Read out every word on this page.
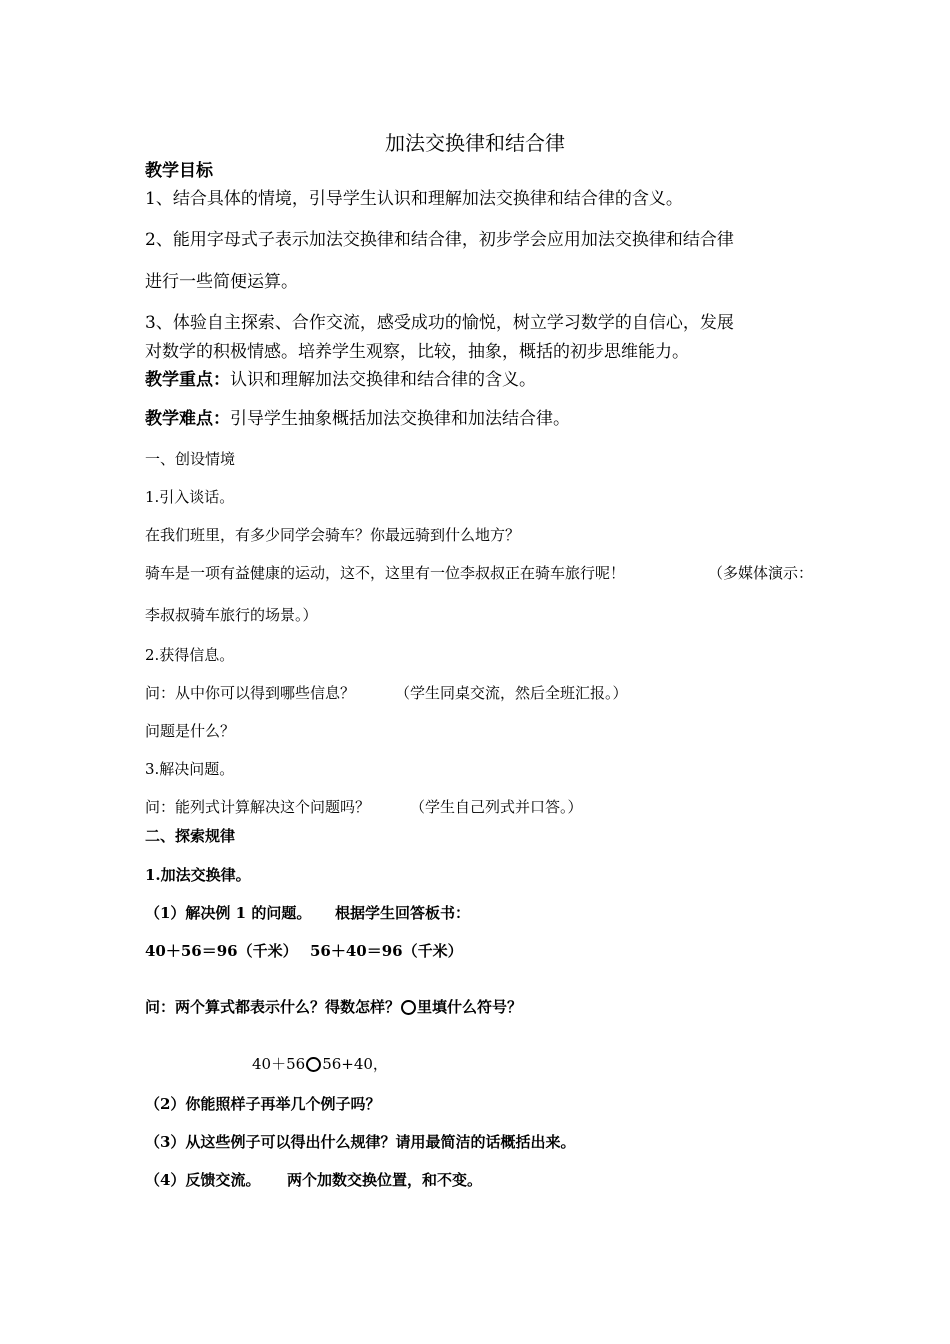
加法交换律和结合律
教学目标
1、结合具体的情境，引导学生认识和理解加法交换律和结合律的含义。
2、能用字母式子表示加法交换律和结合律，初步学会应用加法交换律和结合律
进行一些简便运算。
3、体验自主探索、合作交流，感受成功的愉悦，树立学习数学的自信心，发展
对数学的积极情感。培养学生观察，比较，抽象，概括的初步思维能力。
教学重点：认识和理解加法交换律和结合律的含义。
教学难点：引导学生抽象概括加法交换律和加法结合律。
一、创设情境
1.引入谈话。
在我们班里，有多少同学会骑车？你最远骑到什么地方？
骑车是一项有益健康的运动，这不，这里有一位李叔叔正在骑车旅行呢！	（多媒体演示：
李叔叔骑车旅行的场景。）
2.获得信息。
问：从中你可以得到哪些信息？	（学生同桌交流，然后全班汇报。）
问题是什么？
3.解决问题。
问：能列式计算解决这个问题吗？	（学生自己列式并口答。）
二、探索规律
1.加法交换律。
（1）解决例 1 的问题。 根据学生回答板书：
40＋56＝96（千米） 56＋40＝96（千米）
问：两个算式都表示什么？得数怎样？ 里填什么符号？
40＋56 56+40，
（2）你能照样子再举几个例子吗？
（3）从这些例子可以得出什么规律？请用最简洁的话概括出来。
（4）反馈交流。 两个加数交换位置，和不变。
